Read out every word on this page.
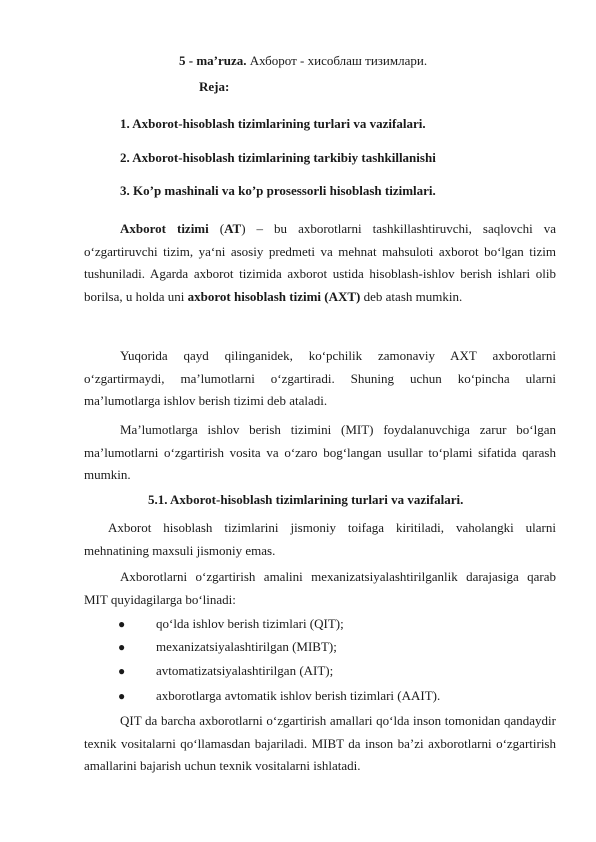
5 - ma’ruza. Ахборот - хисоблаш тизимлари.
Reja:
1. Axborot-hisoblash tizimlarining turlari va vazifalari.
2. Axborot-hisoblash tizimlarining tarkibiy tashkillanishi
3. Ko’p mashinali va ko’p prosessorli hisoblash tizimlari.
Axborot tizimi (AT) – bu axborotlarni tashkillashtiruvchi, saqlovchi va o‘zgartiruvchi tizim, ya‘ni asosiy predmeti va mehnat mahsuloti axborot bo‘lgan tizim tushuniladi. Agarda axborot tizimida axborot ustida hisoblash-ishlov berish ishlari olib borilsa, u holda uni axborot hisoblash tizimi (AXT) deb atash mumkin.
Yuqorida qayd qilinganidek, ko‘pchilik zamonaviy AXT axborotlarni o‘zgartirmaydi, ma’lumotlarni o‘zgartiradi. Shuning uchun ko‘pincha ularni ma’lumotlarga ishlov berish tizimi deb ataladi.
Ma’lumotlarga ishlov berish tizimini (MIT) foydalanuvchiga zarur bo‘lgan ma’lumotlarni o‘zgartirish vosita va o‘zaro bog‘langan usullar to‘plami sifatida qarash mumkin.
5.1. Axborot-hisoblash tizimlarining turlari va vazifalari.
Axborot hisoblash tizimlarini jismoniy toifaga kiritiladi, vaholangki ularni mehnatining maxsuli jismoniy emas.
Axborotlarni o‘zgartirish amalini mexanizatsiyalashtirilganlik darajasiga qarab MIT quyidagilarga bo‘linadi:
● qo‘lda ishlov berish tizimlari (QIT);
● mexanizatsiyalashtirilgan (MIBT);
● avtomatizatsiyalashtirilgan (AIT);
● axborotlarga avtomatik ishlov berish tizimlari (AAIT).
QIT da barcha axborotlarni o‘zgartirish amallari qo‘lda inson tomonidan qandaydir texnik vositalarni qo‘llamasdan bajariladi. MIBT da inson ba’zi axborotlarni o‘zgartirish amallarini bajarish uchun texnik vositalarni ishlatadi.
